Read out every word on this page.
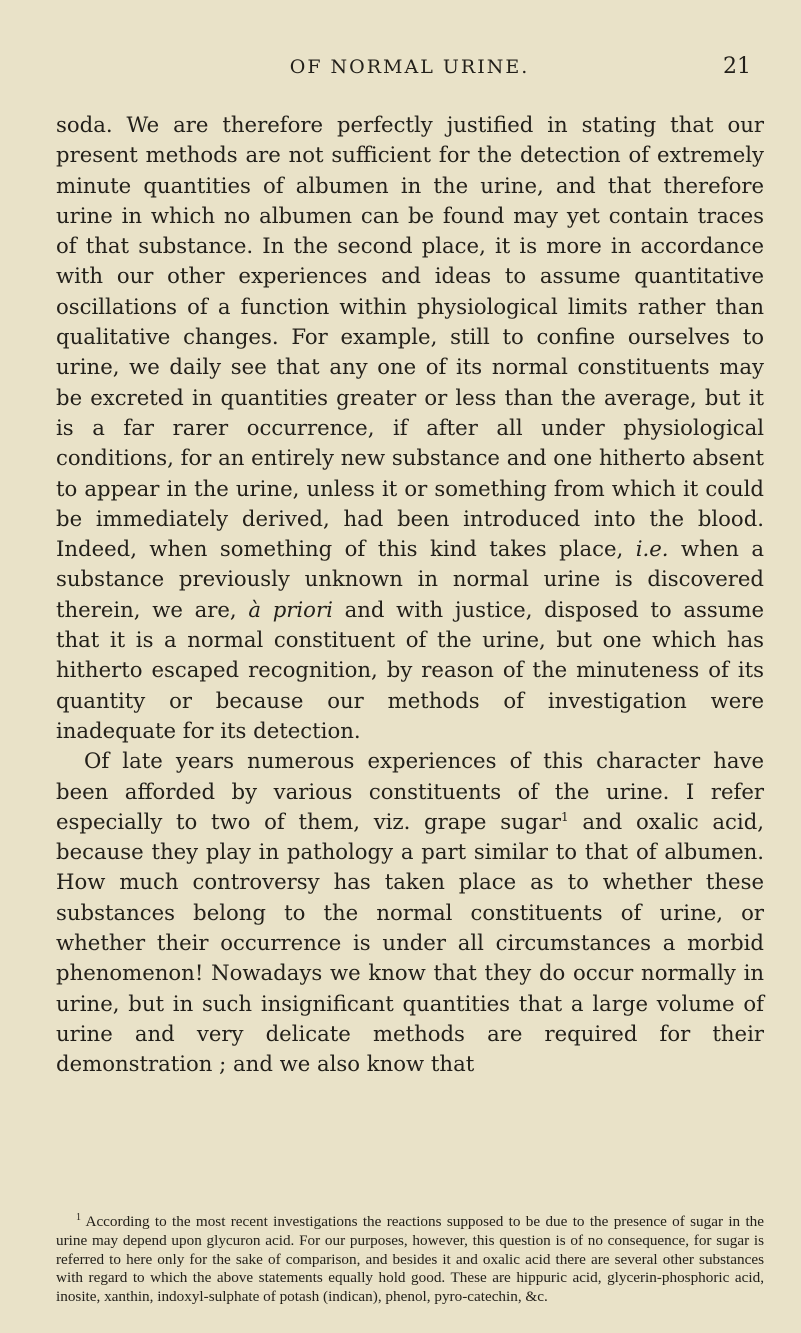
OF NORMAL URINE.	21

soda. We are therefore perfectly justified in stating that our present methods are not sufficient for the detection of extremely minute quantities of albumen in the urine, and that therefore urine in which no albumen can be found may yet contain traces of that substance. In the second place, it is more in accordance with our other experiences and ideas to assume quantitative oscillations of a function within physiological limits rather than qualitative changes. For example, still to confine ourselves to urine, we daily see that any one of its normal constituents may be excreted in quantities greater or less than the average, but it is a far rarer occurrence, if after all under physiological conditions, for an entirely new substance and one hitherto absent to appear in the urine, unless it or something from which it could be immediately derived, had been introduced into the blood. Indeed, when something of this kind takes place, i.e. when a substance previously unknown in normal urine is discovered therein, we are, à priori and with justice, disposed to assume that it is a normal constituent of the urine, but one which has hitherto escaped recognition, by reason of the minuteness of its quantity or because our methods of investigation were inadequate for its detection.

Of late years numerous experiences of this character have been afforded by various constituents of the urine. I refer especially to two of them, viz. grape sugar$^1$ and oxalic acid, because they play in pathology a part similar to that of albumen. How much controversy has taken place as to whether these substances belong to the normal constituents of urine, or whether their occurrence is under all circumstances a morbid phenomenon! Nowadays we know that they do occur normally in urine, but in such insignificant quantities that a large volume of urine and very delicate methods are required for their demonstration ; and we also know that

$^1$ According to the most recent investigations the reactions supposed to be due to the presence of sugar in the urine may depend upon glycuron acid. For our purposes, however, this question is of no consequence, for sugar is referred to here only for the sake of comparison, and besides it and oxalic acid there are several other substances with regard to which the above statements equally hold good. These are hippuric acid, glycerin-phosphoric acid, inosite, xanthin, indoxyl-sulphate of potash (indican), phenol, pyro-catechin, &c.
